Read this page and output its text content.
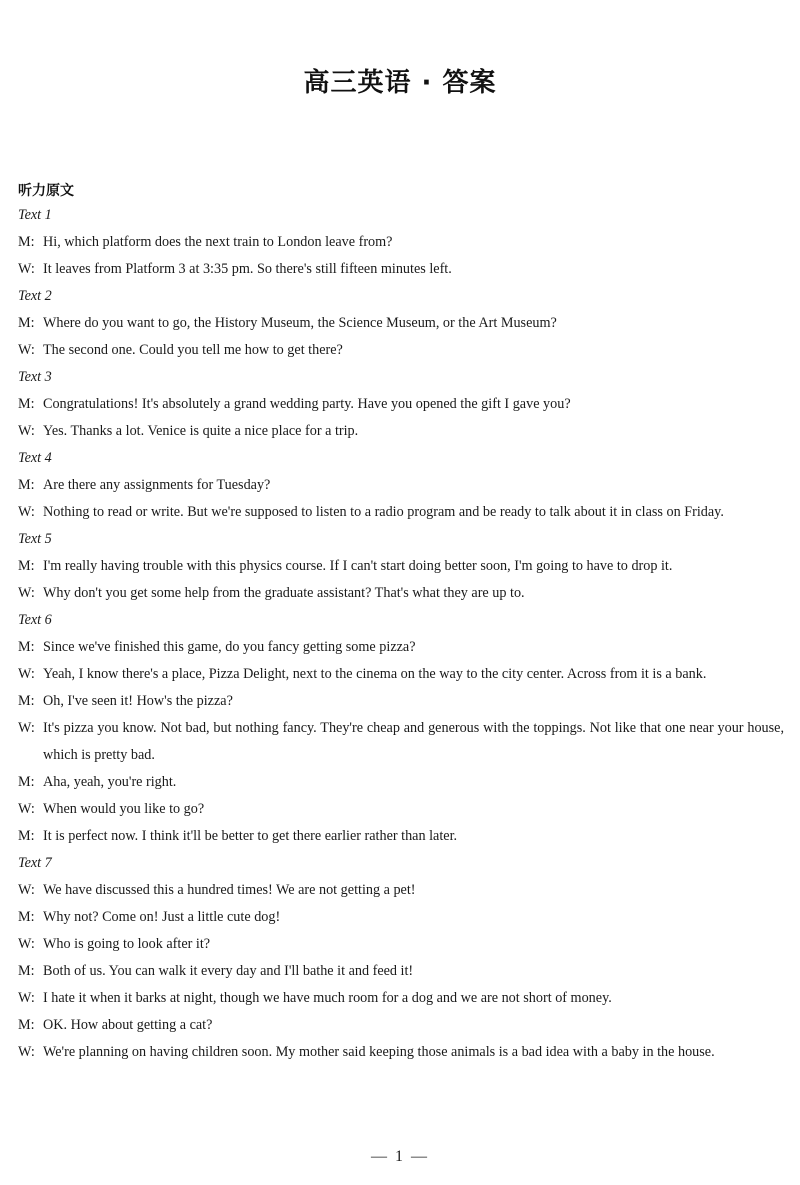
高三英语 · 答案
听力原文
Text 1
M: Hi, which platform does the next train to London leave from?
W: It leaves from Platform 3 at 3:35 pm. So there's still fifteen minutes left.
Text 2
M: Where do you want to go, the History Museum, the Science Museum, or the Art Museum?
W: The second one. Could you tell me how to get there?
Text 3
M: Congratulations! It's absolutely a grand wedding party. Have you opened the gift I gave you?
W: Yes. Thanks a lot. Venice is quite a nice place for a trip.
Text 4
M: Are there any assignments for Tuesday?
W: Nothing to read or write. But we're supposed to listen to a radio program and be ready to talk about it in class on Friday.
Text 5
M: I'm really having trouble with this physics course. If I can't start doing better soon, I'm going to have to drop it.
W: Why don't you get some help from the graduate assistant? That's what they are up to.
Text 6
M: Since we've finished this game, do you fancy getting some pizza?
W: Yeah, I know there's a place, Pizza Delight, next to the cinema on the way to the city center. Across from it is a bank.
M: Oh, I've seen it! How's the pizza?
W: It's pizza you know. Not bad, but nothing fancy. They're cheap and generous with the toppings. Not like that one near your house, which is pretty bad.
M: Aha, yeah, you're right.
W: When would you like to go?
M: It is perfect now. I think it'll be better to get there earlier rather than later.
Text 7
W: We have discussed this a hundred times! We are not getting a pet!
M: Why not? Come on! Just a little cute dog!
W: Who is going to look after it?
M: Both of us. You can walk it every day and I'll bathe it and feed it!
W: I hate it when it barks at night, though we have much room for a dog and we are not short of money.
M: OK. How about getting a cat?
W: We're planning on having children soon. My mother said keeping those animals is a bad idea with a baby in the house.
— 1 —
